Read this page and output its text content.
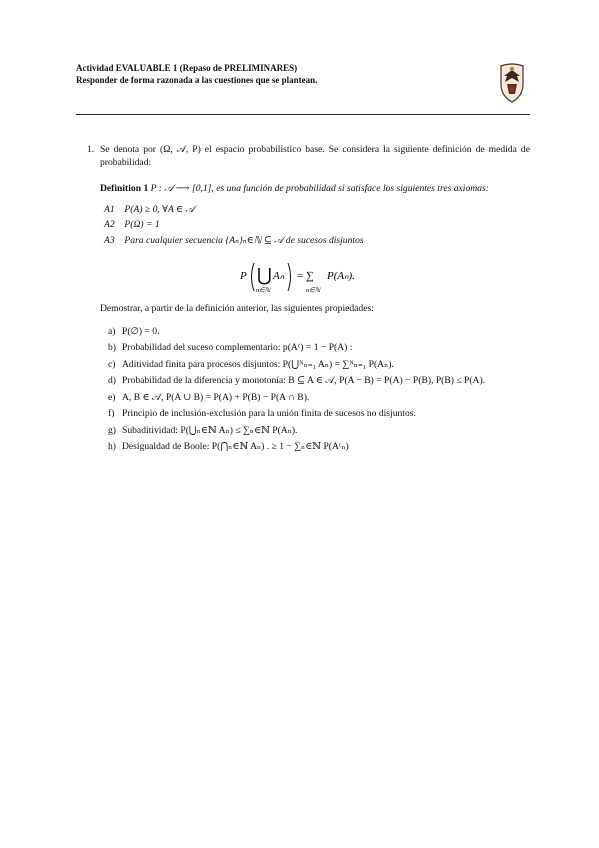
Actividad EVALUABLE 1 (Repaso de PRELIMINARES)
Responder de forma razonada a las cuestiones que se plantean.
1. Se denota por (Ω, 𝒜, P) el espacio probabilístico base. Se considera la siguiente definición de medida de probabilidad:
Definition 1 P : 𝒜 ⟶ [0,1], es una función de probabilidad si satisface los siguientes tres axiomas:
A1 P(A) ≥ 0, ∀A ∈ 𝒜
A2 P(Ω) = 1
A3 Para cualquier secuencia {Aₙ}ₙ∈ℕ ⊆ 𝒜 de sucesos disjuntos
P ⋃
n∈ℕ
Aₙ = ∑
n∈ℕ
P(Aₙ).
Demostrar, a partir de la definición anterior, las siguientes propiedades:
a) P(∅) = 0.
b) Probabilidad del suceso complementario: p(Aᶜ) = 1 − P(A) :
c) Aditividad finita para procesos disjuntos: P(⋃ᴺₙ₌₁ Aₙ) = ∑ᴺₙ₌₁ P(Aₙ).
d) Probabilidad de la diferencia y monotonía: B ⊆ A ∈ 𝒜, P(A − B) = P(A) − P(B), P(B) ≤ P(A).
e) A, B ∈ 𝒜, P(A ∪ B) = P(A) + P(B) − P(A ∩ B).
f) Principio de inclusión-exclusión para la unión finita de sucesos no disjuntos.
g) Subaditividad: P(⋃ₙ∈ℕ Aₙ) ≤ ∑ₙ∈ℕ P(Aₙ).
h) Desigualdad de Boole: P(⋂ₙ∈ℕ Aₙ) . ≥ 1 − ∑ₙ∈ℕ P(Aᶜₙ)
